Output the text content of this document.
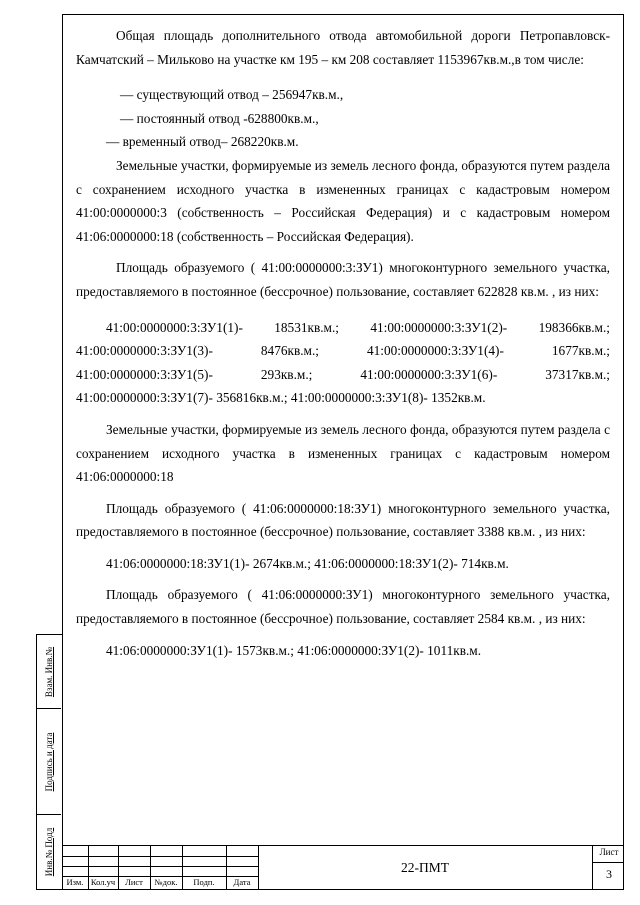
Взам. Инв.№
Подпись и дата
Инв.№ Подл

Общая площадь дополнительного отвода автомобильной дороги Петропавловск-Камчатский – Мильково на участке км 195 – км 208 составляет 1153967кв.м.,в том числе:

— существующий отвод – 256947кв.м.,

— постоянный отвод -628800кв.м.,

— временный отвод– 268220кв.м.

Земельные участки, формируемые из земель лесного фонда, образуются путем раздела с сохранением исходного участка в измененных границах с кадастровым номером 41:00:0000000:3 (собственность – Российская Федерация) и с кадастровым номером 41:06:0000000:18 (собственность – Российская Федерация).

Площадь образуемого ( 41:00:0000000:3:ЗУ1) многоконтурного земельного участка, предоставляемого в постоянное (бессрочное) пользование, составляет 622828 кв.м. , из них:

41:00:0000000:3:ЗУ1(1)- 18531кв.м.; 41:00:0000000:3:ЗУ1(2)- 198366кв.м.;

41:00:0000000:3:ЗУ1(3)- 8476кв.м.; 41:00:0000000:3:ЗУ1(4)- 1677кв.м.;

41:00:0000000:3:ЗУ1(5)- 293кв.м.; 41:00:0000000:3:ЗУ1(6)- 37317кв.м.;

41:00:0000000:3:ЗУ1(7)- 356816кв.м.; 41:00:0000000:3:ЗУ1(8)- 1352кв.м.

Земельные участки, формируемые из земель лесного фонда, образуются путем раздела с сохранением исходного участка в измененных границах с кадастровым номером 41:06:0000000:18

Площадь образуемого ( 41:06:0000000:18:ЗУ1) многоконтурного земельного участка, предоставляемого в постоянное (бессрочное) пользование, составляет 3388 кв.м. , из них:

41:06:0000000:18:ЗУ1(1)- 2674кв.м.; 41:06:0000000:18:ЗУ1(2)- 714кв.м.

Площадь образуемого ( 41:06:0000000:ЗУ1) многоконтурного земельного участка, предоставляемого в постоянное (бессрочное) пользование, составляет 2584 кв.м. , из них:

41:06:0000000:ЗУ1(1)- 1573кв.м.; 41:06:0000000:ЗУ1(2)- 1011кв.м.

Изм. Кол.уч	Лист	№док.	Подп.	Дата
22-ПМТ
Лист
3
